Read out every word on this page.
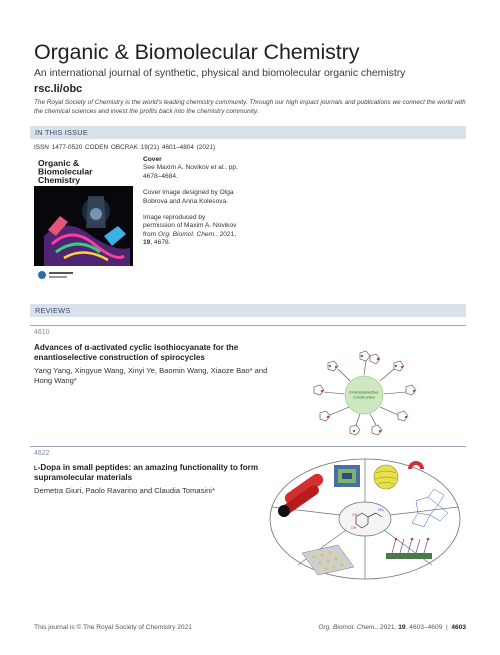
Organic & Biomolecular Chemistry
An international journal of synthetic, physical and biomolecular organic chemistry
rsc.li/obc
The Royal Society of Chemistry is the world’s leading chemistry community. Through our high impact journals and publications we connect the world with the chemical sciences and invest the profits back into the chemistry community.
IN THIS ISSUE
ISSN 1477-0520 CODEN OBCRAK 19(21) 4601–4804 (2021)
Organic &
Biomolecular
Chemistry

Cover
See Maxim A. Novikov et al., pp. 4678–4684.

Cover image designed by Olga Bobrova and Anna Kolesova.

Image reproduced by permission of Maxim A. Novikov from Org. Biomol. Chem., 2021, 19, 4678.

REVIEWS
4610
Advances of α-activated cyclic isothiocyanate for the enantioselective construction of spirocycles
Yang Yang, Xingyue Wang, Xinyi Ye, Baomin Wang, Xiaoze Bao* and Hong Wang*
Enantioselective
Construction
4622
l-Dopa in small peptides: an amazing functionality to form supramolecular materials
Demetra Giuri, Paolo Ravarino and Claudia Tomasini*
OH
OH
NH₂
This journal is © The Royal Society of Chemistry 2021	Org. Biomol. Chem., 2021, 19, 4603–4609  |  4603
